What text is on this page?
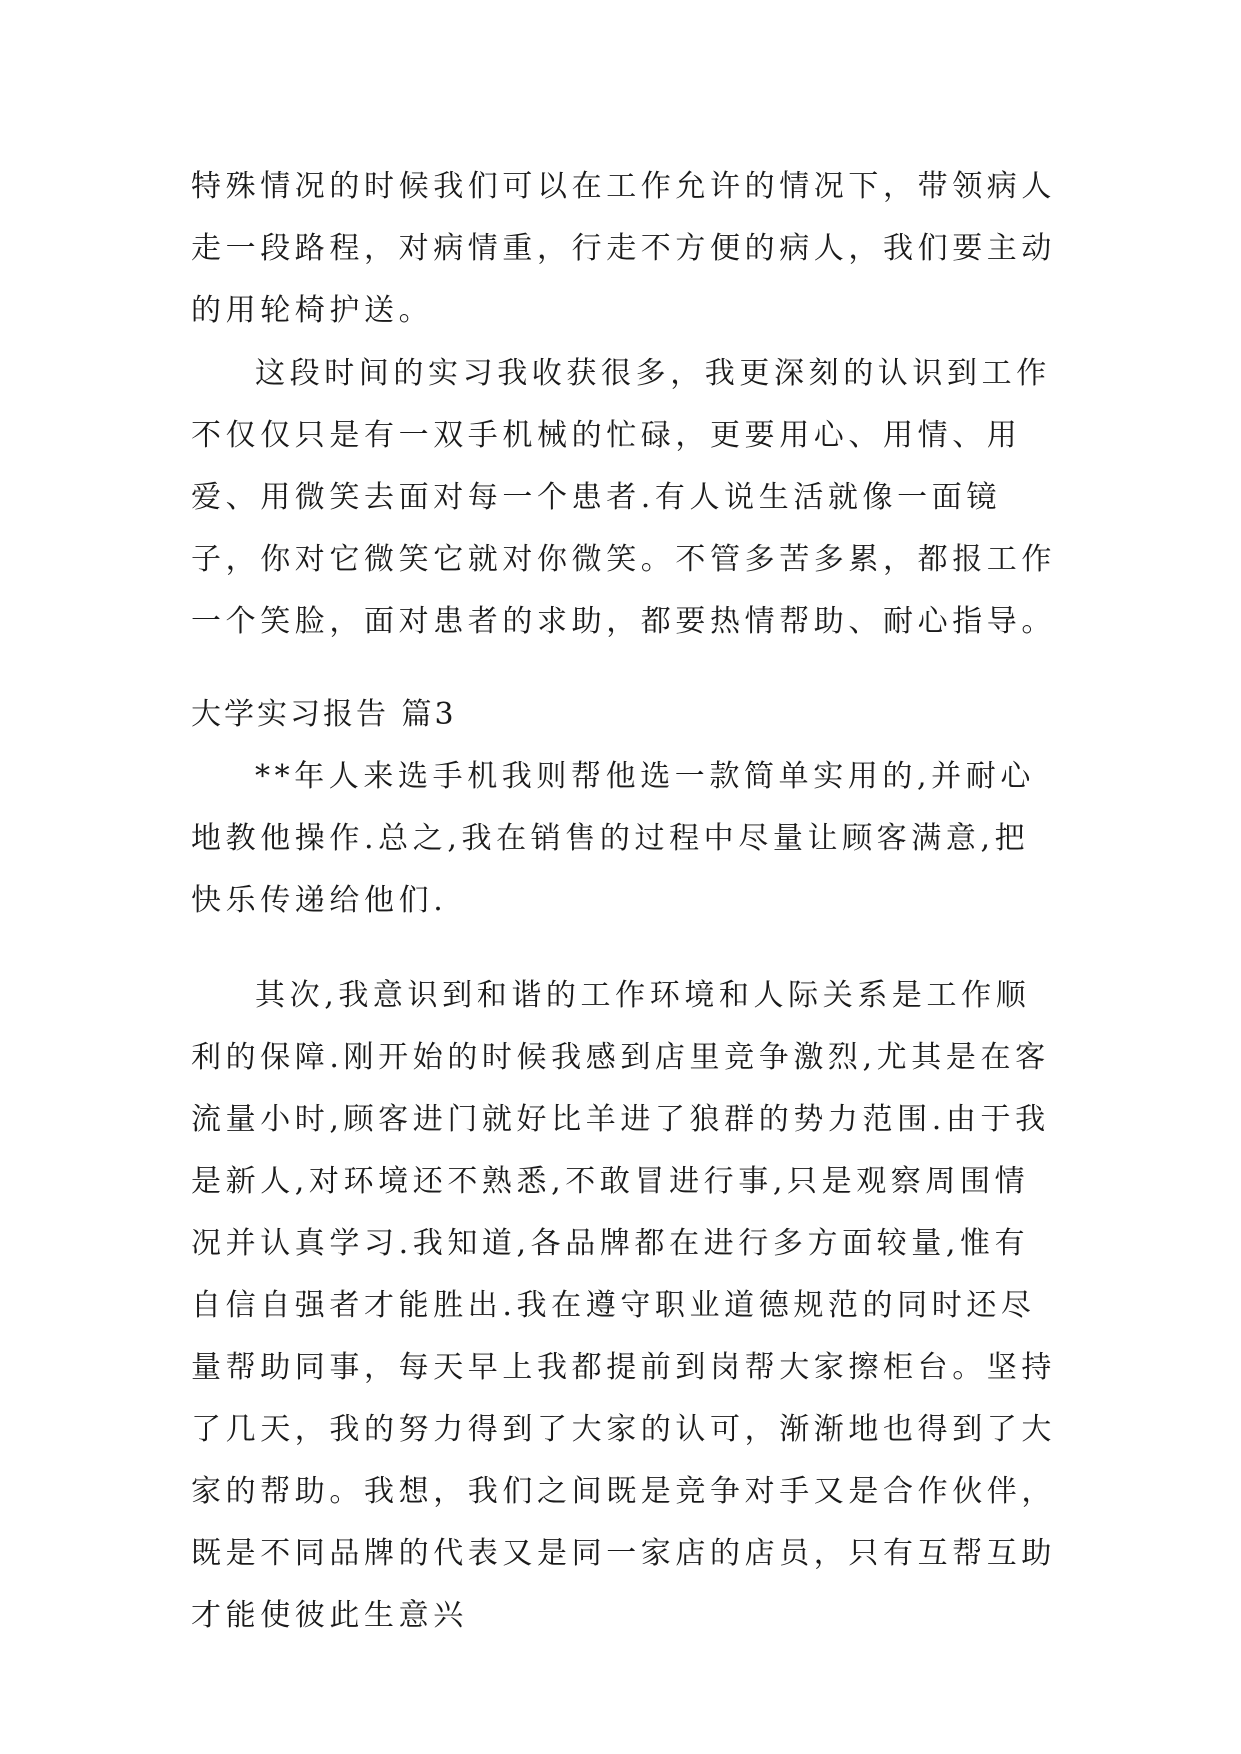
特殊情况的时候我们可以在工作允许的情况下，带领病人走一段路程，对病情重，行走不方便的病人，我们要主动的用轮椅护送。

这段时间的实习我收获很多，我更深刻的认识到工作不仅仅只是有一双手机械的忙碌，更要用心、用情、用爱、用微笑去面对每一个患者.有人说生活就像一面镜子，你对它微笑它就对你微笑。不管多苦多累，都报工作一个笑脸，面对患者的求助，都要热情帮助、耐心指导。

大学实习报告 篇3

**年人来选手机我则帮他选一款简单实用的,并耐心地教他操作.总之,我在销售的过程中尽量让顾客满意,把快乐传递给他们.

其次,我意识到和谐的工作环境和人际关系是工作顺利的保障.刚开始的时候我感到店里竞争激烈,尤其是在客流量小时,顾客进门就好比羊进了狼群的势力范围.由于我是新人,对环境还不熟悉,不敢冒进行事,只是观察周围情况并认真学习.我知道,各品牌都在进行多方面较量,惟有自信自强者才能胜出.我在遵守职业道德规范的同时还尽量帮助同事，每天早上我都提前到岗帮大家擦柜台。坚持了几天，我的努力得到了大家的认可，渐渐地也得到了大家的帮助。我想，我们之间既是竞争对手又是合作伙伴，既是不同品牌的代表又是同一家店的店员，只有互帮互助才能使彼此生意兴
